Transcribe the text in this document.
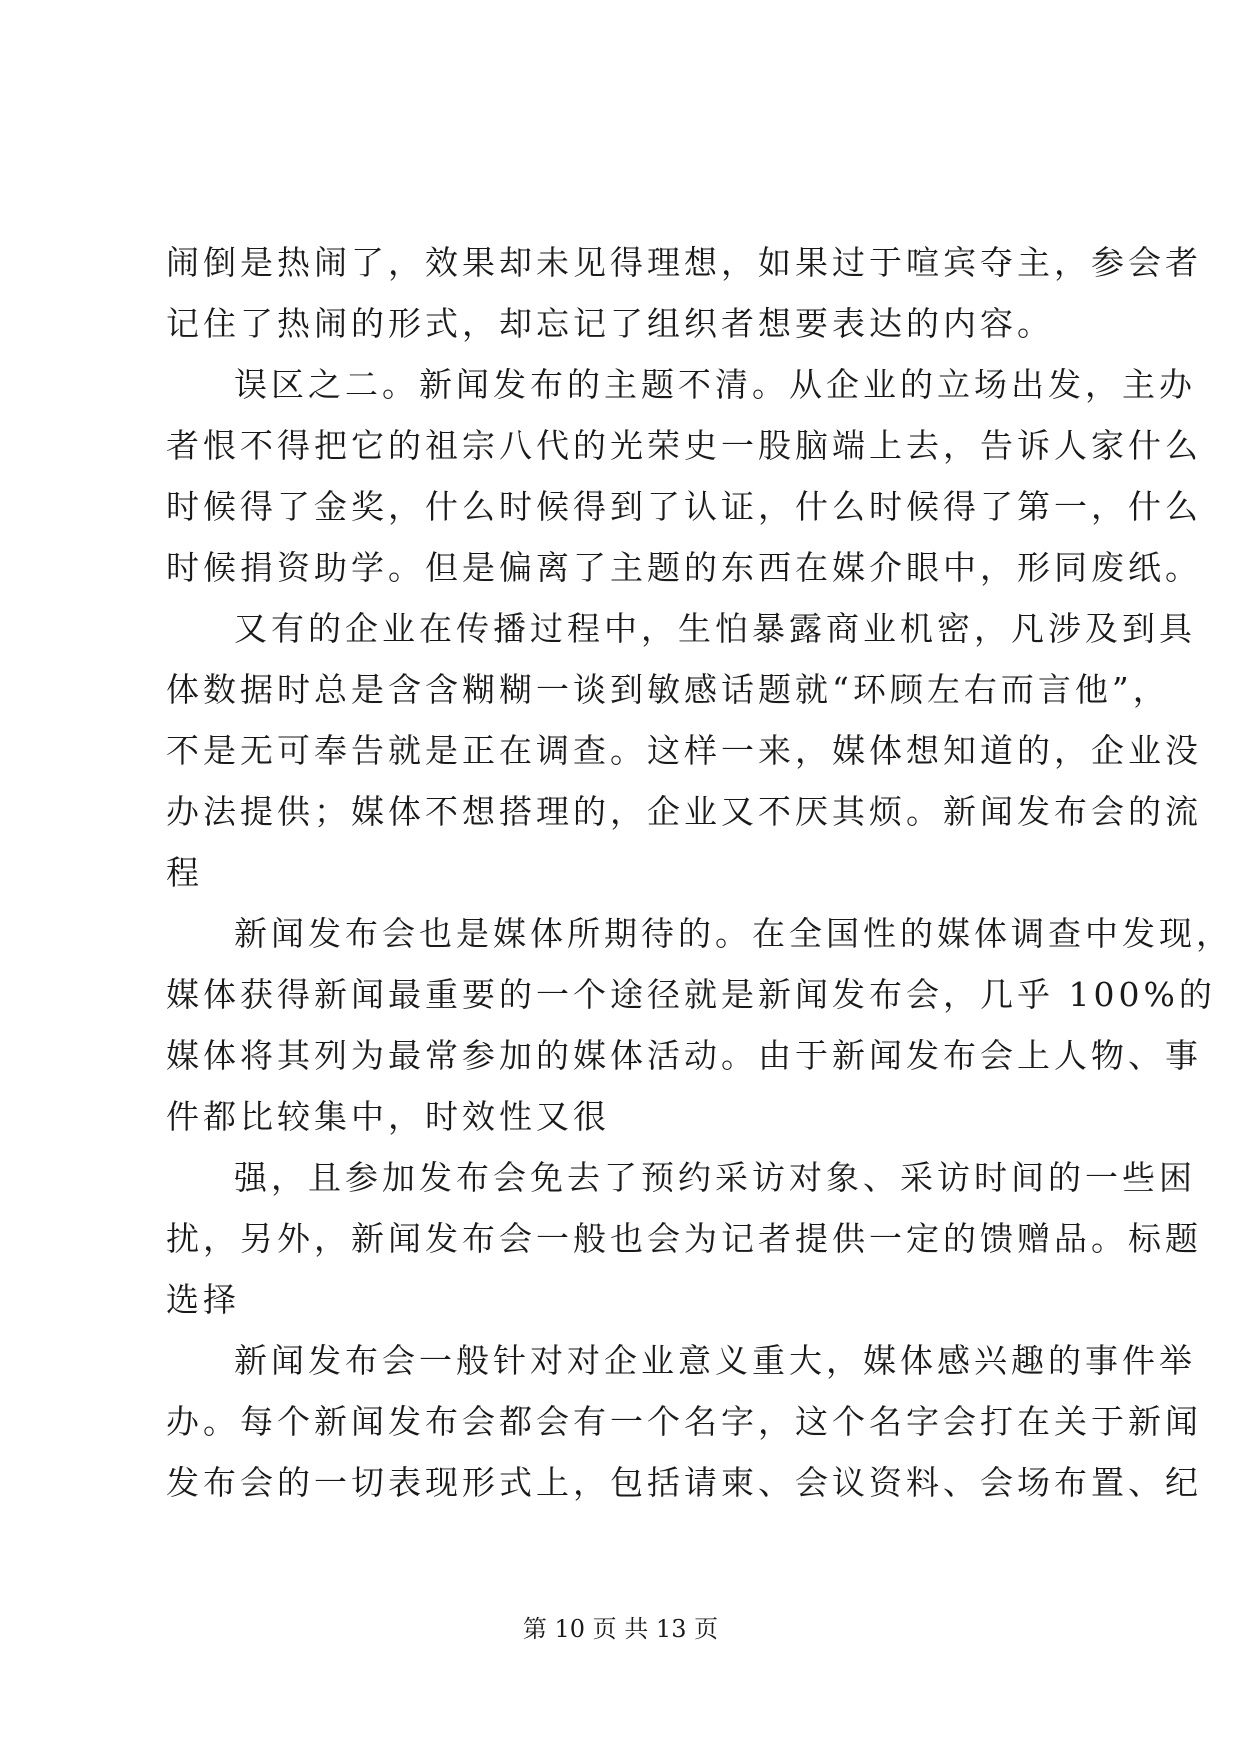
闹倒是热闹了，效果却未见得理想，如果过于喧宾夺主，参会者
记住了热闹的形式，却忘记了组织者想要表达的内容。
误区之二。新闻发布的主题不清。从企业的立场出发，主办
者恨不得把它的祖宗八代的光荣史一股脑端上去，告诉人家什么
时候得了金奖，什么时候得到了认证，什么时候得了第一，什么
时候捐资助学。但是偏离了主题的东西在媒介眼中，形同废纸。
又有的企业在传播过程中，生怕暴露商业机密，凡涉及到具
体数据时总是含含糊糊一谈到敏感话题就“环顾左右而言他”，
不是无可奉告就是正在调查。这样一来，媒体想知道的，企业没
办法提供；媒体不想搭理的，企业又不厌其烦。新闻发布会的流
程
新闻发布会也是媒体所期待的。在全国性的媒体调查中发现，
媒体获得新闻最重要的一个途径就是新闻发布会，几乎 100%的
媒体将其列为最常参加的媒体活动。由于新闻发布会上人物、事
件都比较集中，时效性又很
强，且参加发布会免去了预约采访对象、采访时间的一些困
扰，另外，新闻发布会一般也会为记者提供一定的馈赠品。标题
选择
新闻发布会一般针对对企业意义重大，媒体感兴趣的事件举
办。每个新闻发布会都会有一个名字，这个名字会打在关于新闻
发布会的一切表现形式上，包括请柬、会议资料、会场布置、纪
第 10 页 共 13 页
